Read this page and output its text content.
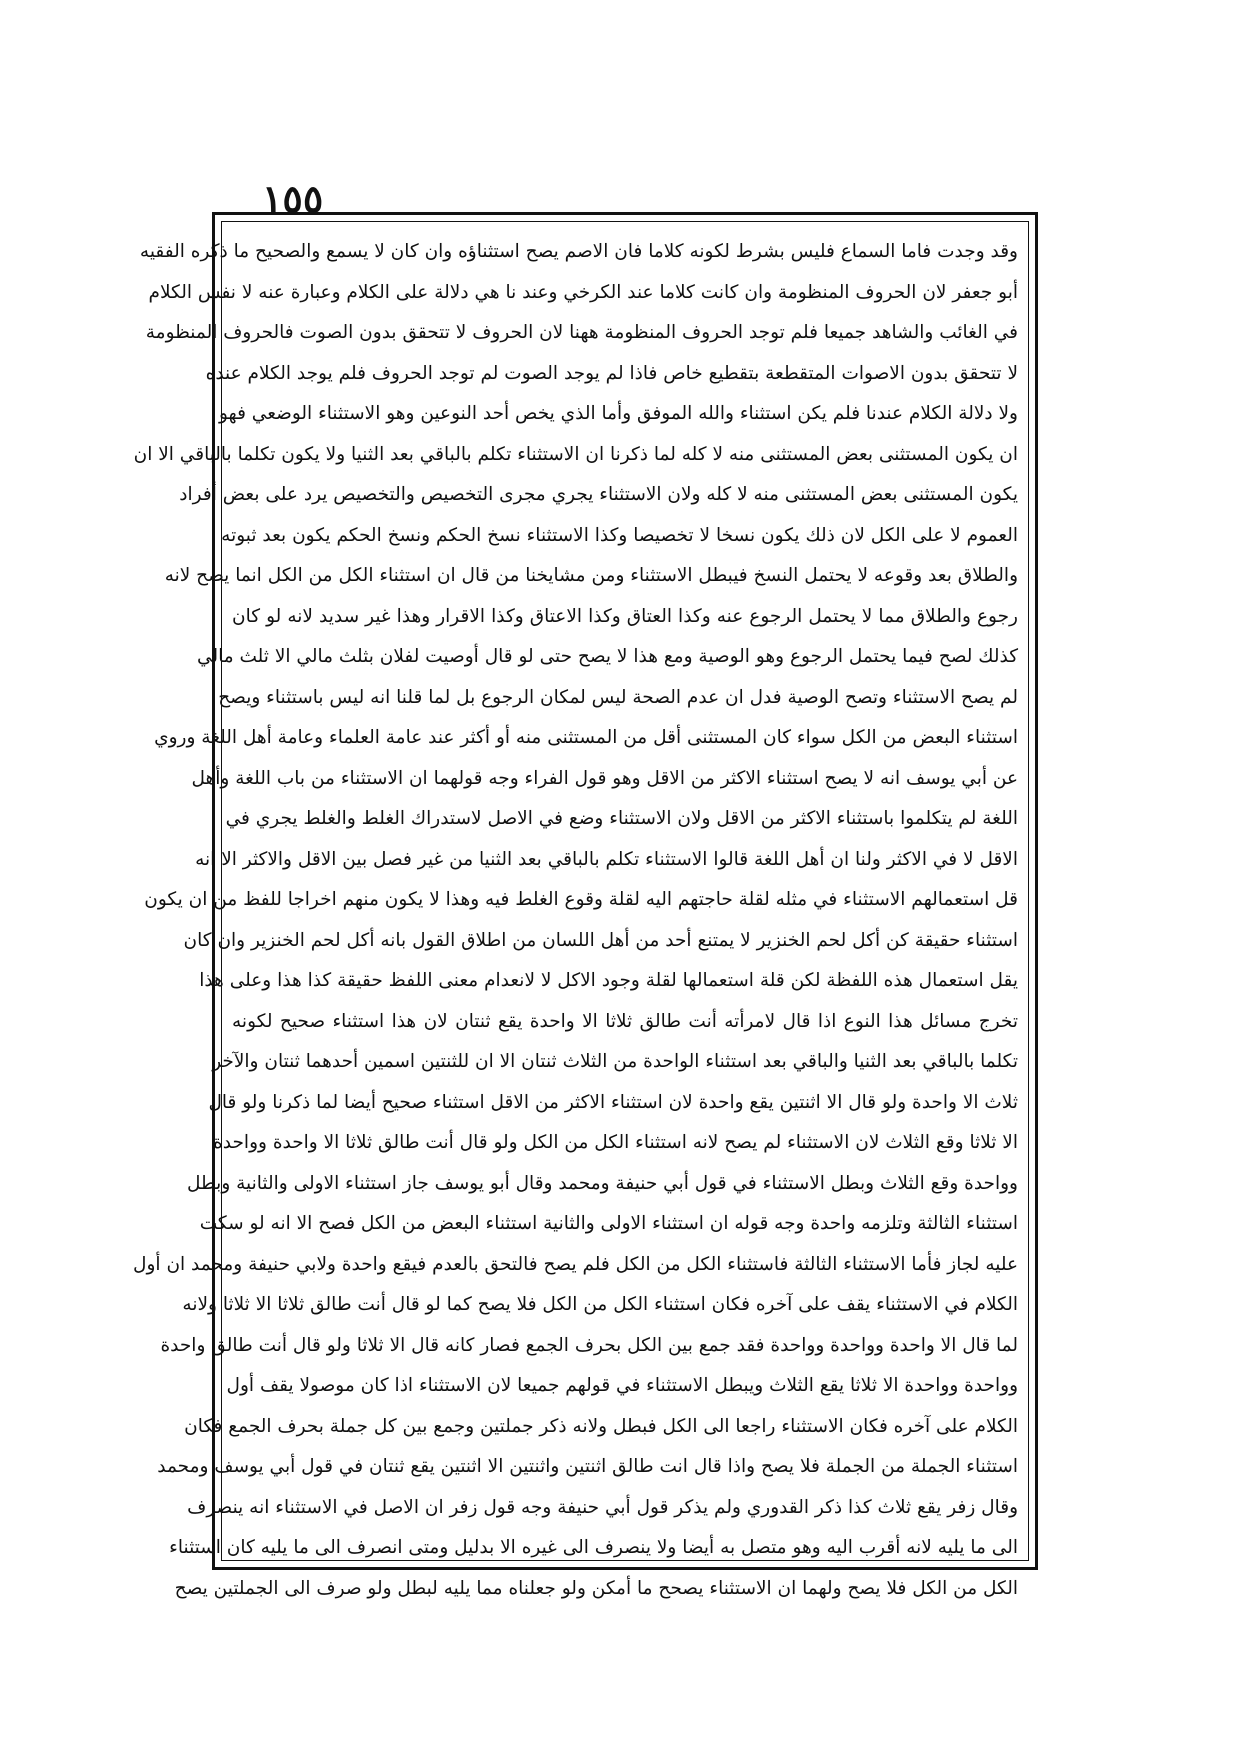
١٥٥
وقد وجدت فاما السماع فليس بشرط لكونه كلاما فان الاصم يصح استثناؤه وان كان لا يسمع والصحيح ما ذكره الفقيه
أبو جعفر لان الحروف المنظومة وان كانت كلاما عند الكرخي وعند نا هي دلالة على الكلام وعبارة عنه لا نفس الكلام
في الغائب والشاهد جميعا فلم توجد الحروف المنظومة ههنا لان الحروف لا تتحقق بدون الصوت فالحروف المنظومة
لا تتحقق بدون الاصوات المتقطعة بتقطيع خاص فاذا لم يوجد الصوت لم توجد الحروف فلم يوجد الكلام عنده
ولا دلالة الكلام عندنا فلم يكن استثناء والله الموفق وأما الذي يخص أحد النوعين وهو الاستثناء الوضعي فهو
ان يكون المستثنى بعض المستثنى منه لا كله لما ذكرنا ان الاستثناء تكلم بالباقي بعد الثنيا ولا يكون تكلما بالباقي الا ان
يكون المستثنى بعض المستثنى منه لا كله ولان الاستثناء يجري مجرى التخصيص والتخصيص يرد على بعض أفراد
العموم لا على الكل لان ذلك يكون نسخا لا تخصيصا وكذا الاستثناء نسخ الحكم ونسخ الحكم يكون بعد ثبوته
والطلاق بعد وقوعه لا يحتمل النسخ فيبطل الاستثناء ومن مشايخنا من قال ان استثناء الكل من الكل انما يصح لانه
رجوع والطلاق مما لا يحتمل الرجوع عنه وكذا العتاق وكذا الاعتاق وكذا الاقرار وهذا غير سديد لانه لو كان
كذلك لصح فيما يحتمل الرجوع وهو الوصية ومع هذا لا يصح حتى لو قال أوصيت لفلان بثلث مالي الا ثلث مالي
لم يصح الاستثناء وتصح الوصية فدل ان عدم الصحة ليس لمكان الرجوع بل لما قلنا انه ليس باستثناء ويصح
استثناء البعض من الكل سواء كان المستثنى أقل من المستثنى منه أو أكثر عند عامة العلماء وعامة أهل اللغة وروي
عن أبي يوسف انه لا يصح استثناء الاكثر من الاقل وهو قول الفراء وجه قولهما ان الاستثناء من باب اللغة وأهل
اللغة لم يتكلموا باستثناء الاكثر من الاقل ولان الاستثناء وضع في الاصل لاستدراك الغلط والغلط يجري في
الاقل لا في الاكثر ولنا ان أهل اللغة قالوا الاستثناء تكلم بالباقي بعد الثنيا من غير فصل بين الاقل والاكثر الا انه
قل استعمالهم الاستثناء في مثله لقلة حاجتهم اليه لقلة وقوع الغلط فيه وهذا لا يكون منهم اخراجا للفظ من ان يكون
استثناء حقيقة كن أكل لحم الخنزير لا يمتنع أحد من أهل اللسان من اطلاق القول بانه أكل لحم الخنزير وان كان
يقل استعمال هذه اللفظة لكن قلة استعمالها لقلة وجود الاكل لا لانعدام معنى اللفظ حقيقة كذا هذا وعلى هذا
تخرج مسائل هذا النوع اذا قال لامرأته أنت طالق ثلاثا الا واحدة يقع ثنتان لان هذا استثناء صحيح لكونه
تكلما بالباقي بعد الثنيا والباقي بعد استثناء الواحدة من الثلاث ثنتان الا ان للثنتين اسمين أحدهما ثنتان والآخر
ثلاث الا واحدة ولو قال الا اثنتين يقع واحدة لان استثناء الاكثر من الاقل استثناء صحيح أيضا لما ذكرنا ولو قال
الا ثلاثا وقع الثلاث لان الاستثناء لم يصح لانه استثناء الكل من الكل ولو قال أنت طالق ثلاثا الا واحدة وواحدة
وواحدة وقع الثلاث وبطل الاستثناء في قول أبي حنيفة ومحمد وقال أبو يوسف جاز استثناء الاولى والثانية وبطل
استثناء الثالثة وتلزمه واحدة وجه قوله ان استثناء الاولى والثانية استثناء البعض من الكل فصح الا انه لو سكت
عليه لجاز فأما الاستثناء الثالثة فاستثناء الكل من الكل فلم يصح فالتحق بالعدم فيقع واحدة ولابي حنيفة ومحمد ان أول
الكلام في الاستثناء يقف على آخره فكان استثناء الكل من الكل فلا يصح كما لو قال أنت طالق ثلاثا الا ثلاثا ولانه
لما قال الا واحدة وواحدة وواحدة فقد جمع بين الكل بحرف الجمع فصار كانه قال الا ثلاثا ولو قال أنت طالق واحدة
وواحدة وواحدة الا ثلاثا يقع الثلاث ويبطل الاستثناء في قولهم جميعا لان الاستثناء اذا كان موصولا يقف أول
الكلام على آخره فكان الاستثناء راجعا الى الكل فبطل ولانه ذكر جملتين وجمع بين كل جملة بحرف الجمع فكان
استثناء الجملة من الجملة فلا يصح واذا قال انت طالق اثنتين واثنتين الا اثنتين يقع ثنتان في قول أبي يوسف ومحمد
وقال زفر يقع ثلاث كذا ذكر القدوري ولم يذكر قول أبي حنيفة وجه قول زفر ان الاصل في الاستثناء انه ينصرف
الى ما يليه لانه أقرب اليه وهو متصل به أيضا ولا ينصرف الى غيره الا بدليل ومتى انصرف الى ما يليه كان استثناء
الكل من الكل فلا يصح ولهما ان الاستثناء يصحح ما أمكن ولو جعلناه مما يليه لبطل ولو صرف الى الجملتين يصح
